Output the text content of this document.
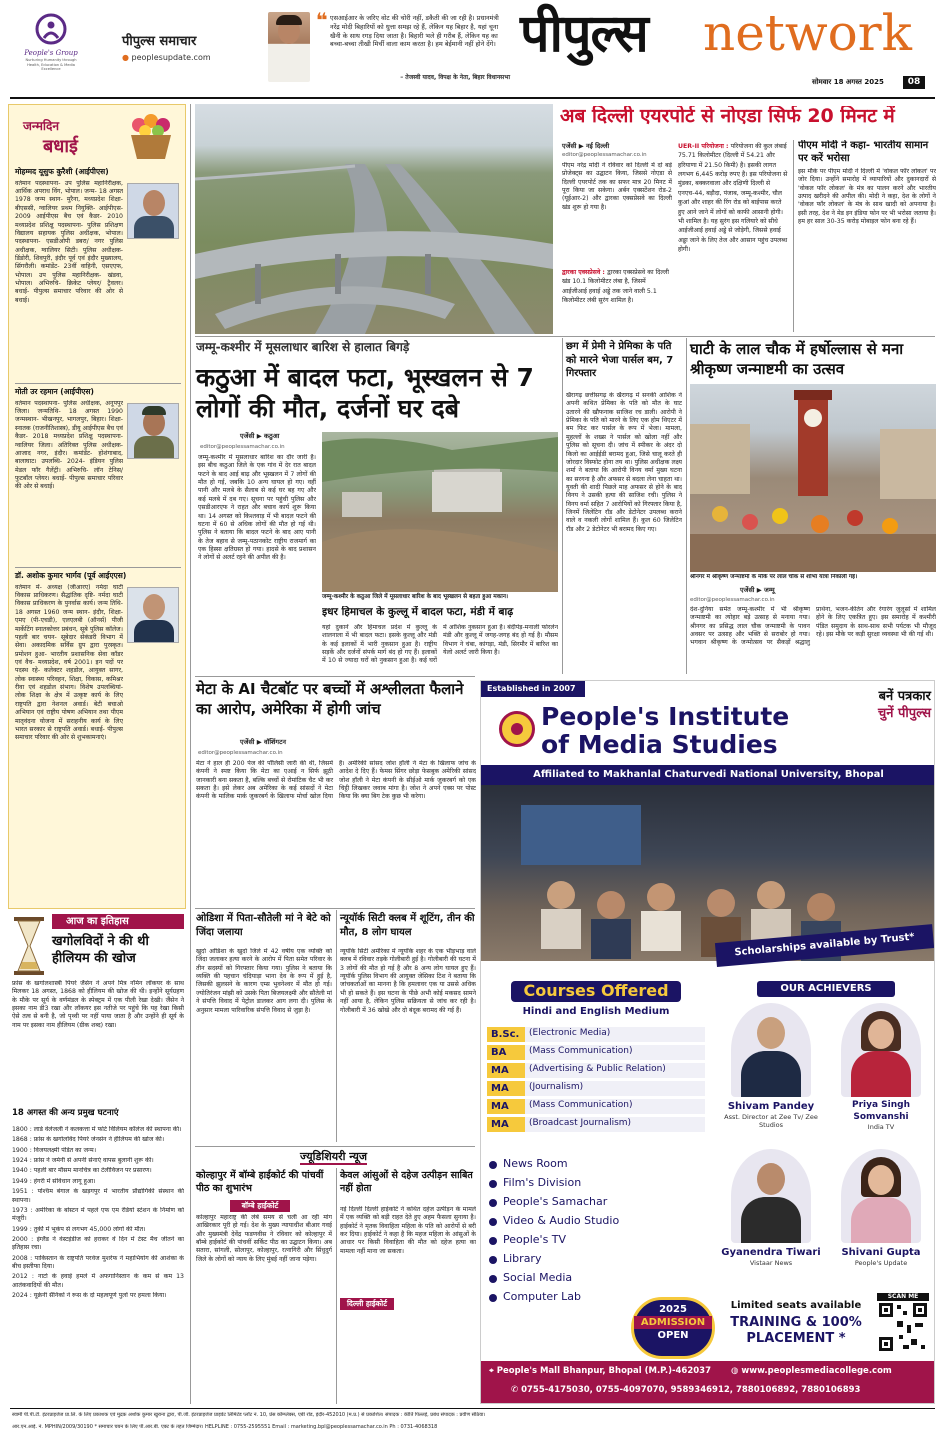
People's Group
Nurturing Humanity through Health, Education & Media Excellence
पीपुल्स समाचार
● peoplesupdate.com
❝ एसआईआर के जरिए वोट की चोरी नहीं, डकैती की जा रही है। प्रधानमंत्री नरेंद्र मोदी बिहारियों को धुत्ता समझ रहे हैं, लेकिन यह बिहार है, यहां चूना खैनी के साथ रगड़ दिया जाता है। बिहारी भले ही गरीब हैं, लेकिन यह का बच्चा-बच्चा तीखी मिर्ची वाला काम करता है। हम बेईमानी नहीं होने देंगे।
– तेजस्वी यादव, विपक्ष के नेता, बिहार विधानसभा
पीपुल्स network
सोमवार 18 अगस्त 2025	08
जन्मदिन
बधाई
मोहम्मद यूसुफ कुरैशी (आईपीएस)
वर्तमान पदस्थापना- उप पुलिस महानिरीक्षक, आर्थिक अपराध विंग, भोपाल। जन्म- 18 अगस्त 1978 जन्म स्थान- मुरैना, मध्यप्रदेश शिक्षा- बीएससी, ग्वालियर प्रथम नियुक्ति- आईपीएस- 2009 आईपीएस बैच एवं कैडर- 2010 मध्यप्रदेश प्रशिक्षु पदस्थापना- पुलिस प्रशिक्षण विद्यालय सहायक पुलिस अधीक्षक, भोपाल। पदस्थापना- एसडीओपी डबरा/ नगर पुलिस अधीक्षक, ग्वालियर सिटी। पुलिस अधीक्षक- डिंडोरी, शिवपुरी, इंदौर पूर्व एवं इंदौर मुख्यालय, सिंगरौली। कमांडेंट- 23वीं वाहिनी, एसएएफ, भोपाल। उप पुलिस महानिरीक्षक- खंडवा, भोपाल। अभिरुचि- क्रिकेट प्लेयर/ ट्रैवलर। बधाई- पीपुल्स समाचार परिवार की ओर से बधाई।
मोती उर रहमान (आईपीएस)
वर्तमान पदस्थापना- पुलिस अधीक्षक, अनूपपुर जिला। जन्मतिथि- 18 अगस्त 1990 जन्मस्थान- भीखनपुर, भागलपुर, बिहार। शिक्षा- स्नातक (राजनीतिशास्त्र), डीयू आईपीएस बैच एवं कैडर- 2018 मध्यप्रदेश प्रशिक्षु पदस्थापना- ग्वालियर जिला। अतिरिक्त पुलिस अधीक्षक- आजाद नगर, इंदौर। कमांडेंट- होशंगाबाद, बालाघाट। उपलब्धि- 2024- इंडियन पुलिस मेडल फॉर गैलेंट्री। अभिरुचि- लॉन टेनिस/ फुटबॉल प्लेयर। बधाई- पीपुल्स समाचार परिवार की ओर से बधाई।
डॉ. अशोक कुमार भार्गव (पूर्व आईएएस)
वर्तमान में- अध्यक्ष (जीआरए) नर्मदा घाटी विकास प्राधिकरण। सैद्धांतिक दृष्टि- नर्मदा घाटी विकास प्राधिकरण के पुनर्वास कार्य। जन्म तिथि- 18 अगस्त 1960 जन्म स्थान- इंदौर, शिक्षा- एमए (पी-एचडी), एलएलबी (ऑनर्स) पीजी मार्केटिंग स्नातकोत्तर प्रबंधन, सूबे पुलिस कॉलेज। पहली बार चयन- सूबेदार सेकंडरी विभाग में सेवा। अकादमिक सर्विस ग्रुप द्वारा पुरस्कृत। प्रमोशन हुआ- भारतीय प्रशासनिक सेवा कॉडर एवं वैच- मध्यप्रदेश, वर्ष 2001। इन पदों पर पदस्थ रहे- कलेक्टर शहडोल, आयुक्त सागर, लोक स्वास्थ्य परिवहन, शिक्षा, विकास, कमिश्नर रीवा एवं शहडोल संभाग। विशेष उपलब्धियां- लोक शिक्षा के क्षेत्र में उत्कृष्ट कार्य के लिए राष्ट्रपति द्वारा नेशनल अवार्ड। बेटी बचाओ अभियान एवं राष्ट्रीय पोषण अभियान तथा पीएम मातृवंदना योजना में सराहनीय कार्य के लिए भारत सरकार से राष्ट्रपति अवार्ड। बधाई- पीपुल्स समाचार परिवार की ओर से शुभकामनाएं।
आज का इतिहास
खगोलविदों ने की थी हीलियम की खोज
फ्रांस के खगोलशास्त्री पियरे जैंसेन ने अपने मित्र नॉर्मन लॉकयर के साथ मिलकर 18 अगस्त, 1868 को हीलियम की खोज की थी। इन्होंने सूर्यग्रहण के मौके पर सूर्य के वर्णमंडल के स्पेक्ट्रम में एक पीली रेखा देखी। जैंसेन ने इसका नाम डी3 रखा और लॉकयर इस नतीजे पर पहुंचे कि यह रेखा किसी ऐसे तत्व से बनी है, जो पृथ्वी पर नहीं पाया जाता है और उन्होंने ही सूर्य के नाम पर इसका नाम हीलियम (ग्रीक शब्द) रखा।
18 अगस्त की अन्य प्रमुख घटनाएं
1800 : लार्ड वेलेजली ने कलकत्ता में फोर्ट विलियम कॉलेज की स्थापना की।
1868 : फ्रांस के खगोलविद पियरे जेनसेन ने हीलियम की खोज की।
1900 : विजयलक्ष्मी पंडित का जन्म।
1924 : फ्रांस ने जर्मनी से अपनी सेनाएं वापस बुलानी शुरू कीं।
1940 : पहली बार मौसम मानचित्र का टेलीविजन पर प्रसारण।
1949 : हंगरी में संविधान लागू हुआ।
1951 : पश्चिम बंगाल के खड़गपुर में भारतीय प्रौद्योगिकी संस्थान की स्थापना।
1973 : अमेरिका के बोस्टन में पहले एफ एम रेडियो स्टेशन के निर्माण को मंजूरी।
1999 : तुर्की में भूकंप से लगभग 45,000 लोगों की मौत।
2000 : इंग्लैंड ने वेस्टइंडीज को हराकर वें दिन में टेस्ट मैच जीतने का इतिहास रचा।
2008 : पाकिस्तान के राष्ट्रपति परवेज मुशर्रफ ने महाभियोग की आशंका के बीच इस्तीफा दिया।
2012 : नाटो के हवाई हमले में अफगानिस्तान के कम से कम 13 आतंकवादियों की मौत।
2024 : यूक्रेनी सैनिकों ने रूस के दो महत्वपूर्ण पुलों पर हमला किया।
अब दिल्ली एयरपोर्ट से नोएडा सिर्फ 20 मिनट में
एजेंसी ▶ नई दिल्ली
editor@peoplessamachar.co.in
पीएम नरेंद्र मोदी ने रविवार को दिल्ली में दो बड़े प्रोजेक्ट्स का उद्घाटन किया, जिससे नोएडा से दिल्ली एयरपोर्ट तक का सफर मात्र 20 मिनट में पूरा किया जा सकेगा। अर्बन एक्सटेंशन रोड-2 (यूईआर-2) और द्वारका एक्सप्रेसवे का दिल्ली खंड शुरू हो गया है।
द्वारका एक्सप्रेसवे : द्वारका एक्सप्रेसवे का दिल्ली खंड 10.1 किलोमीटर लंबा है, जिसमें आईजीआई हवाई अड्डे तक जाने वाली 5.1 किलोमीटर लंबी सुरंग शामिल है।
UER-II परियोजना : परियोजना की कुल लंबाई 75.71 किलोमीटर (दिल्ली में 54.21 और हरियाणा में 21.50 किमी) है। इसकी लागत लगभग 6,445 करोड़ रुपए है। इस परियोजना से मुंडका, बक्करवाला और दक्षिणी दिल्ली से एनएच-44, बड़ौदा, पंजाब, जम्मू-कश्मीर, चौल कुआं और शाहर की रिंग रोड को बाईपास करते हुए आने जाने में लोगों को काफी आसानी होगी। भी शामिल है। यह सुरंग इस गलियारे को सीधे आईजीआई हवाई अड्डे से जोड़ेगी, जिससे हवाई अड्डा जाने के लिए तेज और आसान पहुंच उपलब्ध होगी।
पीएम मोदी ने कहा- भारतीय सामान पर करें भरोसा
इस मौके पर पीएम मोदी ने दिल्ली में 'वोकल फॉर लोकल' पर जोर दिया। उन्होंने समारोह में व्यापारियों और दुकानदारों से 'वोकल फॉर लोकल' के मंत्र का पालन करने और भारतीय उत्पाद खरीदने की अपील की। मोदी ने कहा, देश के लोगों ने 'वोकल फॉर लोकल' के मंत्र के साथ खादी को अपनाया है। इसी तरह, देश ने मेड इन इंडिया फोन पर भी भरोसा जताया है। हम हर साल 30-35 करोड़ मोबाइल फोन बना रहे हैं।
जम्मू-कश्मीर में मूसलाधार बारिश से हालात बिगड़े
कठुआ में बादल फटा, भूस्खलन से 7 लोगों की मौत, दर्जनों घर दबे
एजेंसी ▶ कठुआ
editor@peoplessamachar.co.in
जम्मू-कश्मीर में मूसलाधार बारिश का दौर जारी है। इस बीच कठुआ जिले के एक गांव में देर रात बादल फटने के बाद आई बाढ़ और भूस्खलन में 7 लोगों की मौत हो गई, जबकि 10 अन्य घायल हो गए। वहीं पानी और मलबे के सैलाब से कई घर बह गए और कई मलबे में दब गए। सूचना पर पहुंची पुलिस और एसडीआरएफ ने राहत और बचाव कार्य शुरू किया था। 14 अगस्त को किश्तवाड़ में भी बादल फटने की घटना में 60 से अधिक लोगों की मौत हो गई थी। पुलिस ने बताया कि बादल फटने के बाद आए पानी के तेज बहाव से जम्मू-पठानकोट राष्ट्रीय राजमार्ग का एक हिस्सा क्षतिग्रस्त हो गया। हादसे के बाद प्रशासन ने लोगों से अलर्ट रहने की अपील की है।
जम्मू-कश्मीर के कठुआ जिले में मूसलाधार बारिश के बाद भूस्खलन से बहता हुआ मकान।
इधर हिमाचल के कुल्लू में बादल फटा, मंडी में बाढ़
यहां दुकानें और हिमाचल प्रदेश में कुल्लू के शालनाला में भी बादल फटा। इसके कुल्लू और मंडी के कई इलाकों में भारी नुकसान हुआ है। राष्ट्रीय सड़कें और दर्जनों संपर्क मार्ग बंद हो गए हैं। इलाकों में 10 से ज्यादा घरों को नुकसान हुआ है। कई घरों में आंशिक नुकसान हुआ है। बंदीपेड़-मनाली फोरलेन मंडी और कुल्लू में जगह-जगह बंद हो गई है। मौसम विभाग ने चंबा, कांगड़ा, मंडी, सिरमौर में बारिश का येलो अलर्ट जारी किया है।
छग में प्रेमी ने प्रेमिका के पति को मारने भेजा पार्सल बम, 7 गिरफ्तार
खैरागढ़ छत्तीसगढ़ के खैरागढ़ में सनकी आशिक ने अपनी कथित प्रेमिका के पति को मौत के घाट उतारने की खौफनाक साजिश रच डाली। आरोपी ने प्रेमिका के पति को मारने के लिए एक होम थिएटर में बम फिट कर पार्सल के रूप में भेजा। मामला, मुहल्लों के शख्स ने पार्सल को खोला नहीं और पुलिस को सूचना दी। जांच में स्पीकर के अंदर दो किलो का आईईडी बरामद हुआ, जिसे चालू करते ही जोरदार विस्फोट होना तय था। पुलिस अधीक्षक लक्ष्य शर्मा ने बताया कि आरोपी विनय वर्मा मुख्य घटना का सरगना है और अफसर से बदला लेना चाहता था। युवती की शादी पिछले माह अफसर से होने के बाद विनय ने उसकी हत्या की साजिश रची। पुलिस ने विनय वर्मा सहित 7 आरोपियों को गिरफ्तार किया है, जिनमें जिलेटिन रॉड और डेटोनेटर उपलब्ध कराने वाले व नकली लोगों शामिल हैं। कुल 60 जिलेटिन रॉड और 2 डेटोनेटर भी बरामद किए गए।
घाटी के लाल चौक में हर्षोल्लास से मना श्रीकृष्ण जन्माष्टमी का उत्सव
श्रीनगर में श्रीकृष्ण जन्माष्टमी के मौके पर लाल चौक से शोभा यात्रा निकाली गई।
एजेंसी ▶ जम्मू
editor@peoplessamachar.co.in
देश-दुनिया समेत जम्मू-कश्मीर में भी श्रीकृष्ण जन्माष्टमी का त्योहार बड़े उत्साह से मनाया गया। श्रीनगर का प्रसिद्ध लाल चौक जन्माष्टमी के पावन अवसर पर उत्साह और भक्ति से सराबोर हो गया। भगवान श्रीकृष्ण के जन्मोत्सव पर सैकड़ों श्रद्धालु प्रार्थना, भजन-कीर्तन और रंगारंग जुलूसों में शामिल होने के लिए एकत्रित हुए। इस समारोह में कश्मीरी पंडित समुदाय के साथ-साथ सभी पर्यटक भी मौजूद रहे। इस मौके पर कड़ी सुरक्षा व्यवस्था भी की गई थी।
मेटा के AI चैटबॉट पर बच्चों में अश्लीलता फैलाने का आरोप, अमेरिका में होगी जांच
एजेंसी ▶ वॉशिंगटन
editor@peoplessamachar.co.in
मेटा ने हाल ही 200 पेज की पॉलिसी जारी की थी, जिसमें कंपनी ने स्पष्ट किया कि मेटा का एआई न सिर्फ झूठी जानकारी बना सकता है, बल्कि बच्चों से रोमांटिक चैट भी कर सकता है। इसे लेकर अब अमेरिका के कई सांसदों ने मेटा कंपनी के मालिक मार्क जुकरबर्ग के खिलाफ मोर्चा खोल दिया है। अमेरिकी सांसद जोश हॉली ने मेटा के खिलाफ जांच के आदेश दे दिए हैं। फेमस सिंगर छोड़ा फेसबुक अमेरिकी सांसद जोश हॉली ने मेटा कंपनी के सीईओ मार्क जुकरबर्ग को एक चिट्ठी लिखकर जवाब मांगा है। जोश ने अपने एक्स पर पोस्ट किया कि क्या बिग टेक कुछ भी करेगा।
ओडिशा में पिता-सौतेली मां ने बेटे को जिंदा जलाया
खुर्दा ओडिशा के खुर्दा जिले में 42 वर्षीय एक व्यक्ति को जिंदा जलाकर हत्या करने के आरोप में पिता समेत परिवार के तीन सदस्यों को गिरफ्तार किया गया। पुलिस ने बताया कि व्यक्ति की पहचान चंदियाड़ा भाना देव के रूप में हुई है, जिसकी झुलसने के कारण एम्स भुवनेश्वर में मौत हो गई। ज्योतिरंजन मांझी को उसके पिता बिजयलक्ष्मी और सौतेली मां ने संपत्ति विवाद में पेट्रोल डालकर आग लगा दी। पुलिस के अनुसार मामला पारिवारिक संपत्ति विवाद से जुड़ा है।
न्यूयॉर्क सिटी क्लब में शूटिंग, तीन की मौत, 8 लोग घायल
न्यूयॉर्क सिटी अमेरिका में न्यूयॉर्क शहर के एक भीड़भाड़ वाले क्लब में रविवार तड़के गोलीबारी हुई है। गोलीबारी की घटना में 3 लोगों की मौत हो गई है और 8 अन्य लोग घायल हुए हैं। न्यूयॉर्क पुलिस विभाग की आयुक्त जेसिका टिश ने बताया कि जांचकर्ताओं का मानना है कि हमलावर एक या उससे अधिक भी हो सकते हैं। इस घटना के पीछे अभी कोई मकसद सामने नहीं आया है, लेकिन पुलिस सक्रियता से जांच कर रही है। गोलीबारी में 36 खोखे और दो बंदूक बरामद की गई हैं।
ज्यूडिशियरी न्यूज
कोल्हापुर में बॉम्बे हाईकोर्ट की पांचवीं पीठ का शुभारंभ
बॉम्बे हाईकोर्ट
कोल्हापुर महाराष्ट्र की लंबे समय से चली आ रही मांग आखिरकार पूरी हो गई। देश के मुख्य न्यायाधीश बीआर गवई और मुख्यमंत्री देवेंद्र फडणवीस ने रविवार को कोल्हापुर में बॉम्बे हाईकोर्ट की पांचवीं सर्किट पीठ का उद्घाटन किया। अब सतारा, सांगली, सोलापुर, कोल्हापुर, रत्नागिरी और सिंधुदुर्ग जिले के लोगों को न्याय के लिए मुंबई नहीं जाना पड़ेगा।
केवल आंसुओं से दहेज उत्पीड़न साबित नहीं होता
दिल्ली हाईकोर्ट
नई दिल्ली दिल्ली हाईकोर्ट ने कथित दहेज उत्पीड़न के मामले में एक व्यक्ति को बड़ी राहत देते हुए अहम फैसला सुनाया है। हाईकोर्ट ने मृतक विवाहिता महिला के पति को आरोपों से बरी कर दिया। हाईकोर्ट ने कहा है कि महज महिला के आंसुओं के आधार पर किसी विवाहिता की मौत को दहेज हत्या का मामला नहीं माना जा सकता।
Established in 2007
बनें पत्रकार
चुनें पीपुल्स
People's Institute
of Media Studies
Affiliated to Makhanlal Chaturvedi National University, Bhopal
Scholarships available by Trust*
Courses Offered
Hindi and English Medium
B.Sc.	(Electronic Media)
BA	(Mass Communication)
MA	(Advertising & Public Relation)
MA	(Journalism)
MA	(Mass Communication)
MA	(Broadcast Journalism)
News Room
Film's Division
People's Samachar
Video & Audio Studio
People's TV
Library
Social Media
Computer Lab
OUR ACHIEVERS
Shivam Pandey
Asst. Director at Zee Tv/ Zee Studios
Priya Singh Somvanshi
India TV
Gyanendra Tiwari
Vistaar News
Shivani Gupta
People's Update
2025
ADMISSION
OPEN
Limited seats available
TRAINING & 100% PLACEMENT *
SCAN ME
⌖ People's Mall Bhanpur, Bhopal (M.P.)-462037 ◍ www.peoplesmediacollege.com
✆ 0755-4175030, 0755-4097070, 9589346912, 7880106892, 7880106893
स्वामी पी.पी.टी. इंटरप्राइजेज प्रा.लि. के लिए प्रकाशक एवं मुद्रक अशोक कुमार खुराना द्वारा, पी.जी. इंटरप्राइजेज प्राइवेट लिमिटेड प्लॉट नं. 10, प्रेस कॉम्प्लेक्स, एबी रोड, इंदौर-452010 (म.प्र.) से प्रकाशित। संपादक : कीर्ति पिल्लई, प्रबंध संपादक : प्रवीण सेठिया।
आर.एन.आई. नं. MPHIN/2009/30190 * समाचार चयन के लिए पी.आर.बी. एक्ट के तहत जिम्मेदार। HELPLINE : 0755-2595551 Email : marketing.bpl@peoplessamachar.co.in Ph : 0731-4068318
